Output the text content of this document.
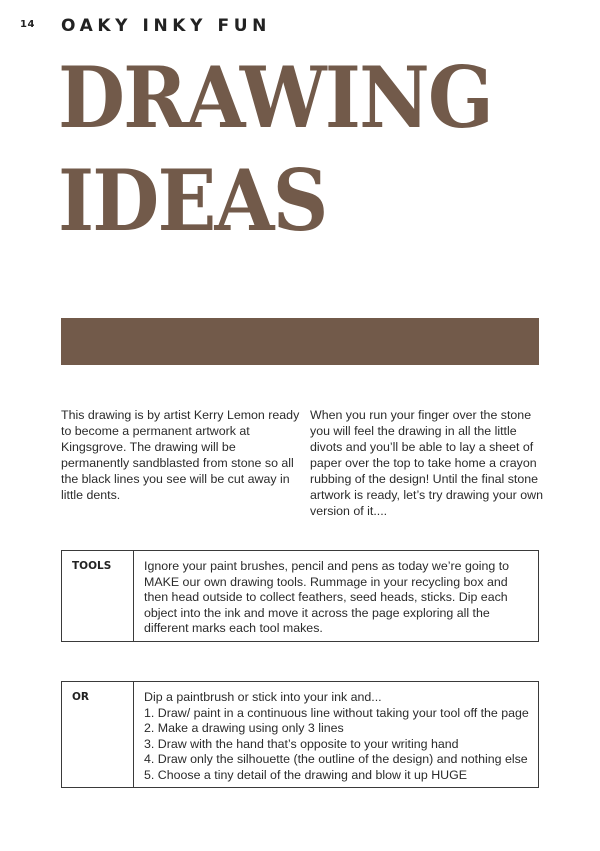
14 OAKY INKY FUN
DRAWING
IDEAS

This drawing is by artist Kerry Lemon ready to become a permanent artwork at Kingsgrove. The drawing will be permanently sandblasted from stone so all the black lines you see will be cut away in little dents.

When you run your finger over the stone you will feel the drawing in all the little divots and you’ll be able to lay a sheet of paper over the top to take home a crayon rubbing of the design! Until the final stone artwork is ready, let’s try drawing your own version of it....

TOOLS	Ignore your paint brushes, pencil and pens as today we’re going to MAKE our own drawing tools. Rummage in your recycling box and then head outside to collect feathers, seed heads, sticks. Dip each object into the ink and move it across the page exploring all the different marks each tool makes.

OR	Dip a paintbrush or stick into your ink and...

1. Draw/ paint in a continuous line without taking your tool off the page
2. Make a drawing using only 3 lines
3. Draw with the hand that’s opposite to your writing hand
4. Draw only the silhouette (the outline of the design) and nothing else
5. Choose a tiny detail of the drawing and blow it up HUGE
